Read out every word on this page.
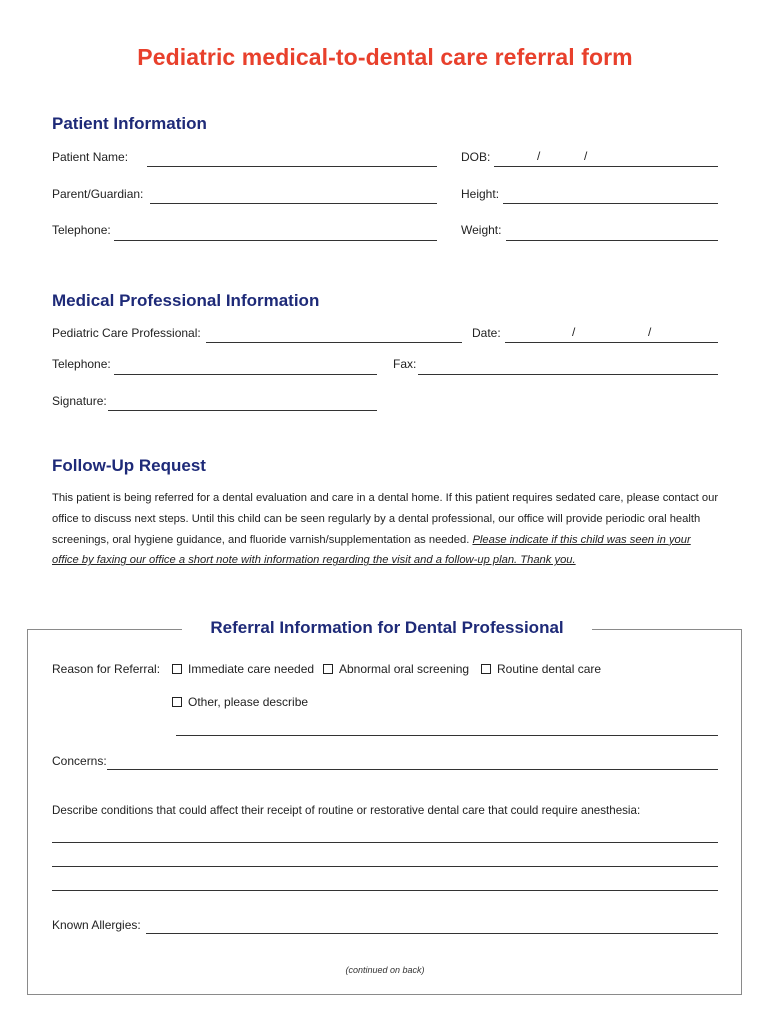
Pediatric medical-to-dental care referral form
Patient Information
Patient Name:	DOB:	/	/
Parent/Guardian:	Height:
Telephone:	Weight:
Medical Professional Information
Pediatric Care Professional:	Date:	/	/
Telephone:	Fax:
Signature:
Follow-Up Request
This patient is being referred for a dental evaluation and care in a dental home. If this patient requires sedated care, please contact our office to discuss next steps. Until this child can be seen regularly by a dental professional, our office will provide periodic oral health screenings, oral hygiene guidance, and fluoride varnish/supplementation as needed. Please indicate if this child was seen in your office by faxing our office a short note with information regarding the visit and a follow-up plan. Thank you.
Referral Information for Dental Professional
Reason for Referral:	Immediate care needed	Abnormal oral screening	Routine dental care
Other, please describe
Concerns:
Describe conditions that could affect their receipt of routine or restorative dental care that could require anesthesia:
Known Allergies:
(continued on back)
